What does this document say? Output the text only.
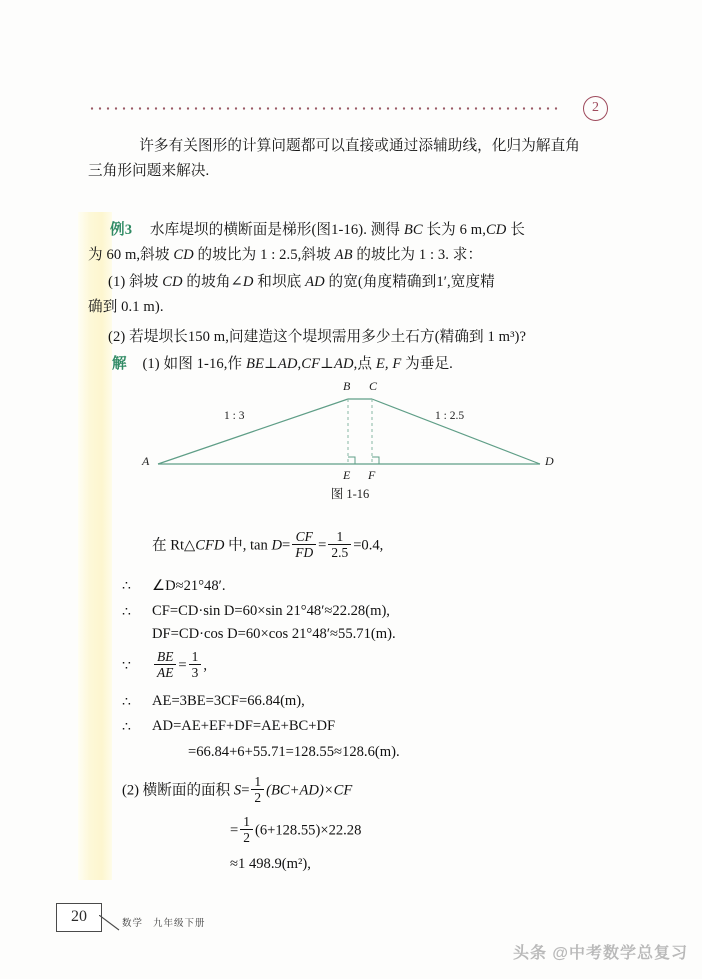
2
许多有关图形的计算问题都可以直接或通过添辅助线，化归为解直角
三角形问题来解决.
例3 水库堤坝的横断面是梯形(图1-16). 测得 BC 长为 6 m,CD 长
为 60 m,斜坡 CD 的坡比为 1 : 2.5,斜坡 AB 的坡比为 1 : 3. 求：
(1) 斜坡 CD 的坡角∠D 和坝底 AD 的宽(角度精确到1′,宽度精
确到 0.1 m).
(2) 若堤坝长150 m,问建造这个堤坝需用多少土石方(精确到 1 m³)?
解 (1) 如图 1-16,作 BE⊥AD,CF⊥AD,点 E, F 为垂足.
A
B C
D
E F
1 : 3	1 : 2.5
图 1-16
在 Rt△CFD 中, $\tan D= \frac{CF}{FD} = \frac{1}{2.5} =0.4$,
∴ ∠D≈21°48′.
∴ CF=CD·sin D=60×sin 21°48′≈22.28(m),
DF=CD·cos D=60×cos 21°48′≈55.71(m).
∵ $\frac{BE}{AE} = \frac{1}{3}$ ,
∴ AE=3BE=3CF=66.84(m),
∴ AD=AE+EF+DF=AE+BC+DF
=66.84+6+55.71=128.55≈128.6(m).
(2) 横断面的面积 $S= \frac{1}{2} (BC+AD)\times CF$
= $\frac{1}{2} (6+128.55)\times 22.28$
≈1 498.9(m²),
20	数学 九年级下册
头条 @中考数学总复习
